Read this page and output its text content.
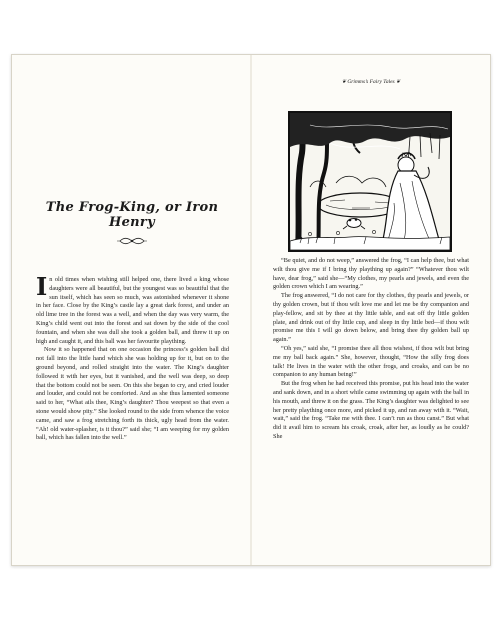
The Frog-King, or Iron Henry

In old times when wishing still helped one, there lived a king whose daughters were all beautiful, but the youngest was so beautiful that the sun itself, which has seen so much, was astonished whenever it shone in her face. Close by the King’s castle lay a great dark forest, and under an old lime tree in the forest was a well, and when the day was very warm, the King’s child went out into the forest and sat down by the side of the cool fountain, and when she was dull she took a golden ball, and threw it up on high and caught it, and this ball was her favourite plaything.

Now it so happened that on one occasion the princess’s golden ball did not fall into the little hand which she was holding up for it, but on to the ground beyond, and rolled straight into the water. The King’s daughter followed it with her eyes, but it vanished, and the well was deep, so deep that the bottom could not be seen. On this she began to cry, and cried louder and louder, and could not be comforted. And as she thus lamented someone said to her, “What ails thee, King’s daughter? Thou weepest so that even a stone would show pity.” She looked round to the side from whence the voice came, and saw a frog stretching forth its thick, ugly head from the water. “Ah! old water-splasher, is it thou?” said she; “I am weeping for my golden ball, which has fallen into the well.”

❦ Grimms’s Fairy Tales ❦

“Be quiet, and do not weep,” answered the frog, “I can help thee, but what wilt thou give me if I bring thy plaything up again?” “Whatever thou wilt have, dear frog,” said she—“My clothes, my pearls and jewels, and even the golden crown which I am wearing.”

The frog answered, “I do not care for thy clothes, thy pearls and jewels, or thy golden crown, but if thou wilt love me and let me be thy companion and play-fellow, and sit by thee at thy little table, and eat off thy little golden plate, and drink out of thy little cup, and sleep in thy little bed—if thou wilt promise me this I will go down below, and bring thee thy golden ball up again.”

“Oh yes,” said she, “I promise thee all thou wishest, if thou wilt but bring me my ball back again.” She, however, thought, “How the silly frog does talk! He lives in the water with the other frogs, and croaks, and can be no companion to any human being!”

But the frog when he had received this promise, put his head into the water and sank down, and in a short while came swimming up again with the ball in his mouth, and threw it on the grass. The King’s daughter was delighted to see her pretty plaything once more, and picked it up, and ran away with it. “Wait, wait,” said the frog. “Take me with thee. I can’t run as thou canst.” But what did it avail him to scream his croak, croak, after her, as loudly as he could? She
